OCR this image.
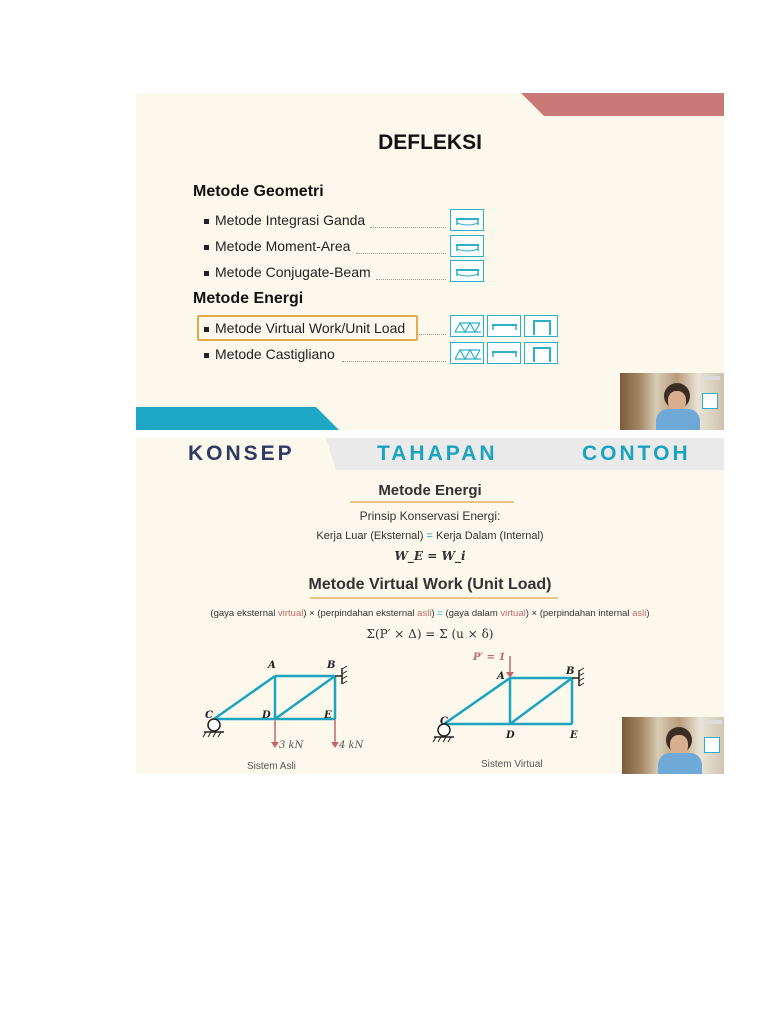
DEFLEKSI
Metode Geometri
Metode Integrasi Ganda
Metode Moment-Area
Metode Conjugate-Beam
Metode Energi
Metode Virtual Work/Unit Load
Metode Castigliano
KONSEP	TAHAPAN	CONTOH
Metode Energi
Prinsip Konservasi Energi:
Kerja Luar (Eksternal) = Kerja Dalam (Internal)
W_E = W_i
Metode Virtual Work (Unit Load)
(gaya eksternal virtual) × (perpindahan eksternal asli) = (gaya dalam virtual) × (perpindahan internal asli)
Σ(P′ × Δ) = Σ (u × δ)
A	B
C	D	E
3 kN	4 kN
Sistem Asli
P′ = 1
A	B
C
D	E
Sistem Virtual
